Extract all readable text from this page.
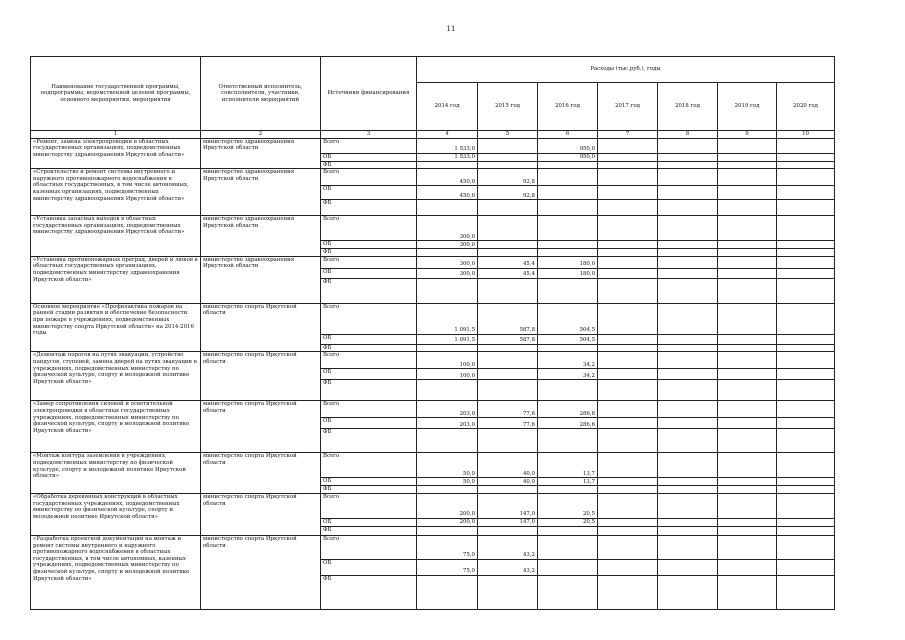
11
Наименование государственной программы, подпрограммы, ведомственной целевой программы, основного мероприятия, мероприятия	Ответственный исполнитель, соисполнители, участники, исполнители мероприятий	Источники финансирования	Расходы (тыс.руб.), годы						
			2014 год	2015 год	2016 год	2017 год	2018 год	2019 год	2020 год
1	2	3	4	5	6	7	8	9	10
«Ремонт, замена электропроводки в областных государственных организациях, подведомственных министерству здравоохранения Иркутской области»	министерство здравоохранения Иркутской области	Всего	1 533,0		950,0				
		ОБ	1 533,0		950,0				
		ФБ							
«Строительство и ремонт системы внутреннего и наружного противопожарного водоснабжения в областных государственных, в том числе автономных, казенных организациях, подведомственных министерству здравоохранения Иркутской области»	министерство здравоохранения Иркутской области	Всего	450,0	92,8					
		ОБ	450,0	92,8					
		ФБ							
«Установка запасных выходов в областных государственных организациях, подведомственных министерству здравоохранения Иркутской области»	министерство здравоохранения Иркутской области	Всего	300,0						
		ОБ	300,0						
		ФБ							
«Установка противопожарных преград, дверей и люков в областных государственных организациях, подведомственных министерству здравоохранения Иркутской области»	министерство здравоохранения Иркутской области	Всего	300,0	45,4	180,0				
		ОБ	300,0	45,4	180,0				
		ФБ							
Основное мероприятие «Профилактика пожаров на ранней стадии развития и обеспечение безопасности при пожаре в учреждениях, подведомственных министерству спорта Иркутской области» на 2014-2016 годы	министерство спорта Иркутской области	Всего	1 091,5	587,8	504,5				
		ОБ	1 091,5	587,8	504,5				
		ФБ							
«Демонтаж порогов на путях эвакуации, устройство пандусов, ступеней, замена дверей на путях эвакуации в учреждениях, подведомственных министерству по физической культуре, спорту и молодежной политике Иркутской области»	министерство спорта Иркутской области	Всего	100,0		34,2				
		ОБ	100,0		34,2				
		ФБ							
«Замер сопротивления силовой и осветительной электропроводки в областных государственных учреждениях, подведомственных министерству по физической культуре, спорту и молодежной политике Иркутской области»	министерство спорта Иркутской области	Всего	203,0	77,6	286,6				
		ОБ	203,0	77,6	286,6				
		ФБ							
«Монтаж контура заземления в учреждениях, подведомственных министерству по физической культуре, спорту и молодежной политике Иркутской области»	министерство спорта Иркутской области	Всего	50,0	40,0	13,7				
		ОБ	50,0	40,0	13,7				
		ФБ							
«Обработка деревянных конструкций в областных государственных учреждениях, подведомственных министерству по физической культуре, спорту и молодежной политике Иркутской области»	министерство спорта Иркутской области	Всего	200,0	147,0	20,5				
		ОБ	200,0	147,0	20,5				
		ФБ							
«Разработка проектной документации на монтаж и ремонт системы внутреннего и наружного противопожарного водоснабжения в областных государственных, в том числе автономных, казенных учреждениях, подведомственных министерству по физической культуре, спорту и молодежной политике Иркутской области»	министерство спорта Иркутской области	Всего	75,0	43,2					
		ОБ	75,0	43,2					
		ФБ							
